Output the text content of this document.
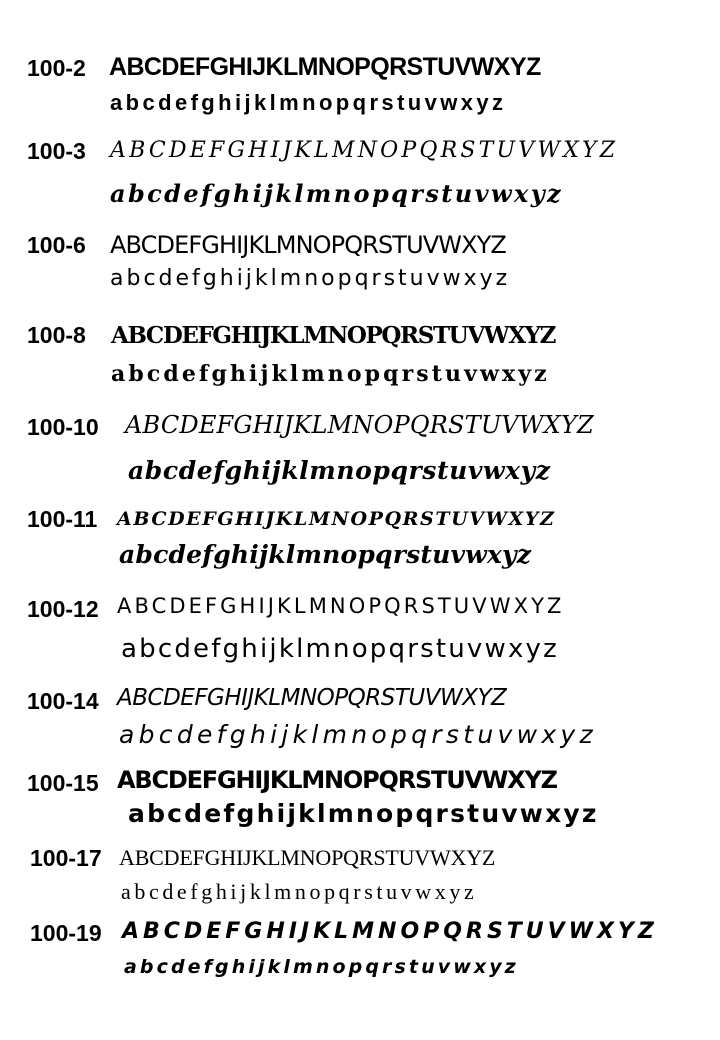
100-2 ABCDEFGHIJKLMNOPQRSTUVWXYZ
abcdefghijklmnopqrstuvwxyz
100-3 ABCDEFGHIJKLMNOPQRSTUVWXYZ
abcdefghijklmnopqrstuvwxyz
100-6 ABCDEFGHIJKLMNOPQRSTUVWXYZ
abcdefghijklmnopqrstuvwxyz
100-8 ABCDEFGHIJKLMNOPQRSTUVWXYZ
abcdefghijklmnopqrstuvwxyz
100-10 ABCDEFGHIJKLMNOPQRSTUVWXYZ
abcdefghijklmnopqrstuvwxyz
100-11 ABCDEFGHIJKLMNOPQRSTUVWXYZ
abcdefghijklmnopqrstuvwxyz
100-12 ABCDEFGHIJKLMNOPQRSTUVWXYZ
abcdefghijklmnopqrstuvwxyz
100-14 ABCDEFGHIJKLMNOPQRSTUVWXYZ
abcdefghijklmnopqrstuvwxyz
100-15 ABCDEFGHIJKLMNOPQRSTUVWXYZ
abcdefghijklmnopqrstuvwxyz
100-17 ABCDEFGHIJKLMNOPQRSTUVWXYZ
abcdefghijklmnopqrstuvwxyz
100-19 ABCDEFGHIJKLMNOPQRSTUVWXYZ
abcdefghijklmnopqrstuvwxyz
